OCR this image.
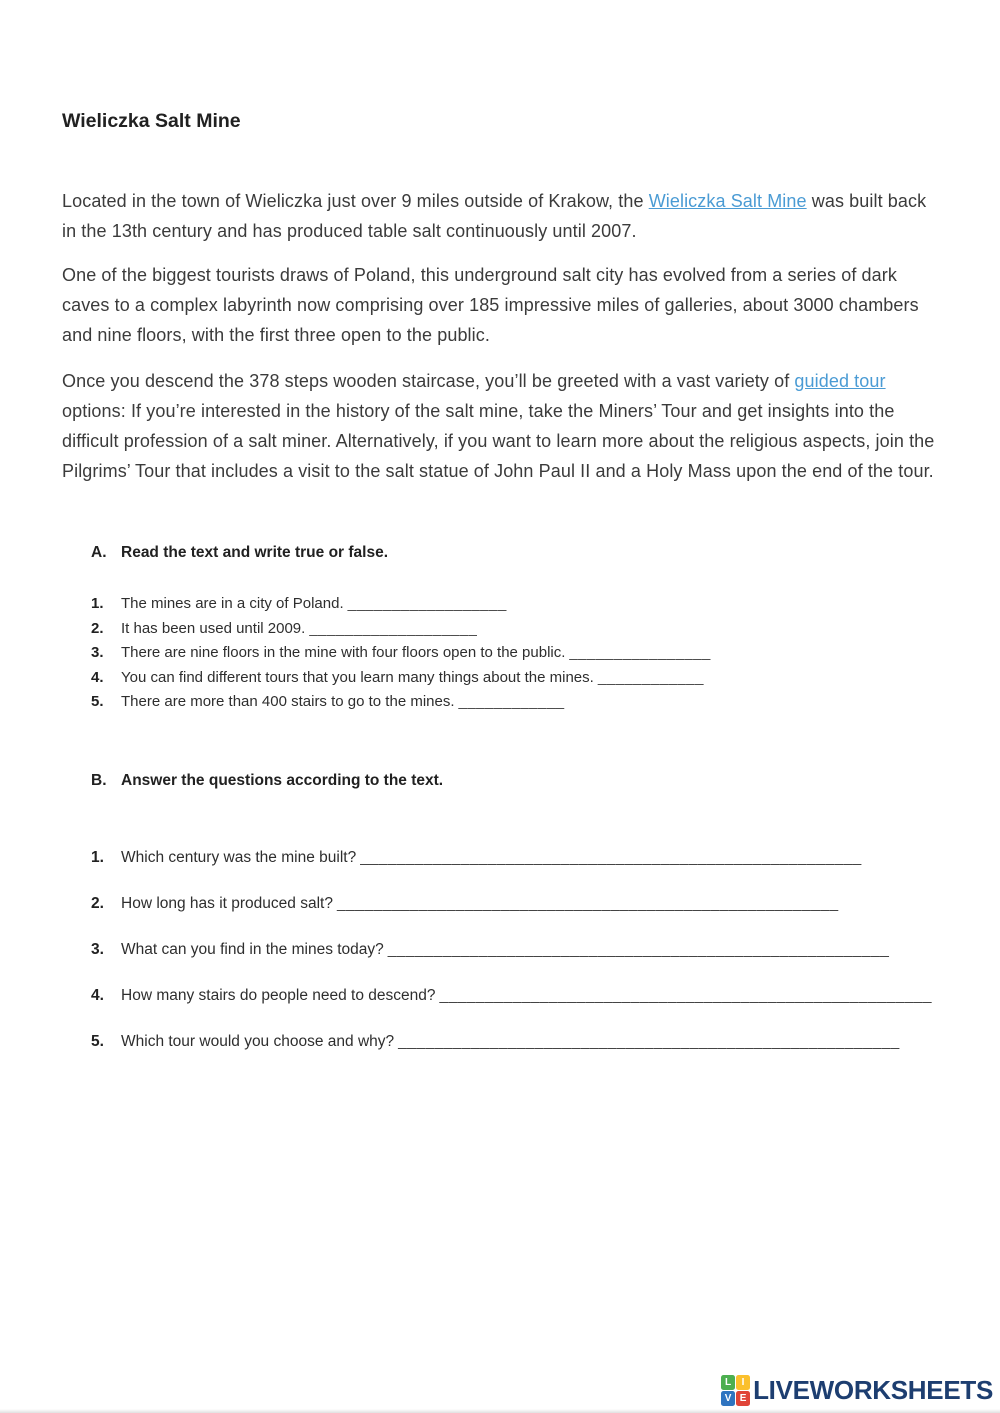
Wieliczka Salt Mine

Located in the town of Wieliczka just over 9 miles outside of Krakow, the Wieliczka Salt Mine was built back in the 13th century and has produced table salt continuously until 2007.

One of the biggest tourists draws of Poland, this underground salt city has evolved from a series of dark caves to a complex labyrinth now comprising over 185 impressive miles of galleries, about 3000 chambers and nine floors, with the first three open to the public.

Once you descend the 378 steps wooden staircase, you’ll be greeted with a vast variety of guided tour options: If you’re interested in the history of the salt mine, take the Miners’ Tour and get insights into the difficult profession of a salt miner. Alternatively, if you want to learn more about the religious aspects, join the Pilgrims’ Tour that includes a visit to the salt statue of John Paul II and a Holy Mass upon the end of the tour.

A. Read the text and write true or false.
1.	The mines are in a city of Poland. __________________
2.	It has been used until 2009. ___________________
3.	There are nine floors in the mine with four floors open to the public. ________________
4.	You can find different tours that you learn many things about the mines. ____________
5.	There are more than 400 stairs to go to the mines. ____________
B. Answer the questions according to the text.
1.	Which century was the mine built? _______________________________________________________
2.	How long has it produced salt? _______________________________________________________
3.	What can you find in the mines today? _______________________________________________________
4.	How many stairs do people need to descend? ______________________________________________________
5.	Which tour would you choose and why? _______________________________________________________
L	I
V E LIVEWORKSHEETS
